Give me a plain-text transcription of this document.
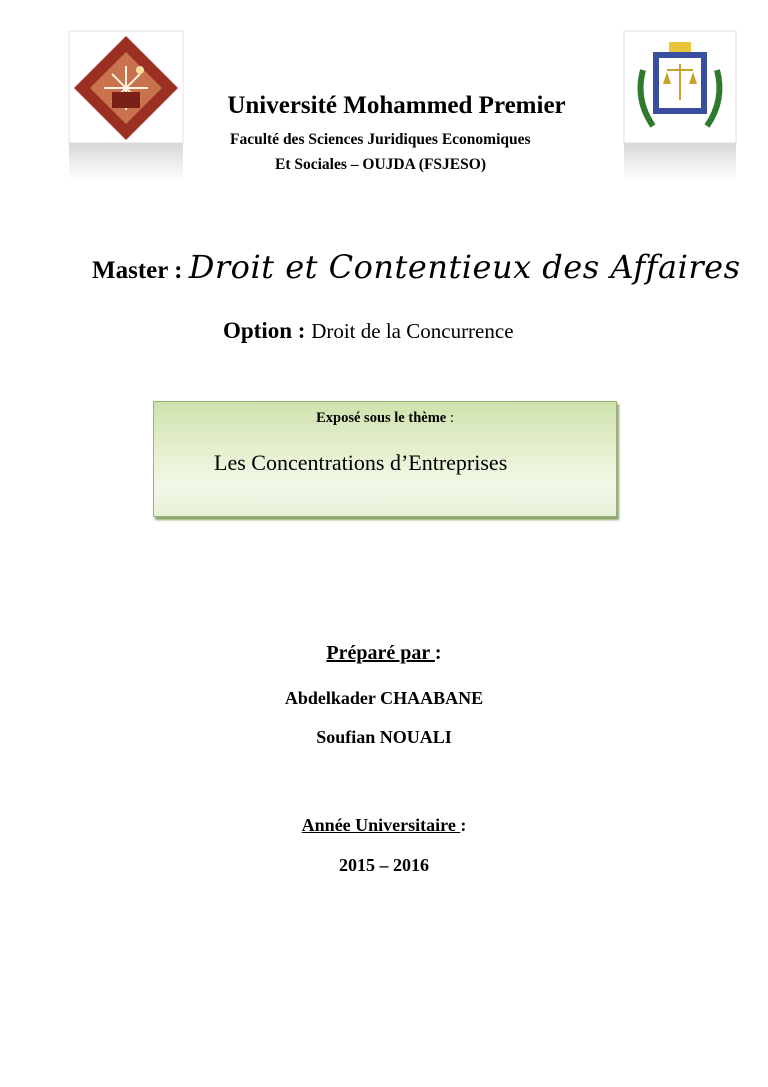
Université Mohammed Premier
Faculté des Sciences Juridiques Economiques
Et Sociales – OUJDA (FSJESO)
Master : Droit et Contentieux des Affaires
Option : Droit de la Concurrence
Exposé sous le thème :
Les Concentrations d’Entreprises
Préparé par :
Abdelkader CHAABANE
Soufian NOUALI
Année Universitaire :
2015 – 2016
